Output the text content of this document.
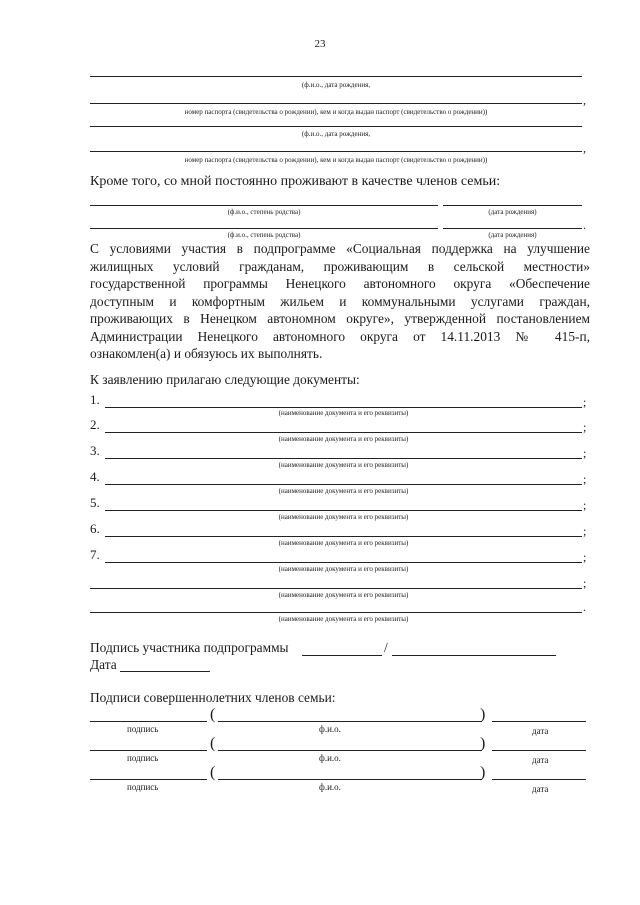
23
(ф.и.о., дата рождения,
,
номер паспорта (свидетельства о рождении), кем и когда выдан паспорт (свидетельство о рождении))
(ф.и.о., дата рождения,
,
номер паспорта (свидетельства о рождении), кем и когда выдан паспорт (свидетельство о рождении))
Кроме того, со мной постоянно проживают в качестве членов семьи:
(ф.и.о., степень родства)	(дата рождения)
.
(ф.и.о., степень родства)	(дата рождения)
С условиями участия в подпрограмме «Социальная поддержка на улучшение
жилищных условий гражданам, проживающим в сельской местности»
государственной программы Ненецкого автономного округа «Обеспечение
доступным и комфортным жильем и коммунальными услугами граждан,
проживающих в Ненецком автономном округе», утвержденной постановлением
Администрации Ненецкого автономного округа от 14.11.2013 № 415-п,
ознакомлен(а) и обязуюсь их выполнять.
К заявлению прилагаю следующие документы:
1.	;
(наименование документа и его реквизиты)
2.	;
(наименование документа и его реквизиты)
3.	;
(наименование документа и его реквизиты)
4.	;
(наименование документа и его реквизиты)
5.	;
(наименование документа и его реквизиты)
6.	;
(наименование документа и его реквизиты)
7.	;
(наименование документа и его реквизиты)
;
(наименование документа и его реквизиты)
.
(наименование документа и его реквизиты)
Подпись участника подпрограммы	/
Дата
Подписи совершеннолетних членов семьи:
(	)
подпись	ф.и.о.	дата
(	)
подпись	ф.и.о.	дата
(	)
подпись	ф.и.о.	дата
